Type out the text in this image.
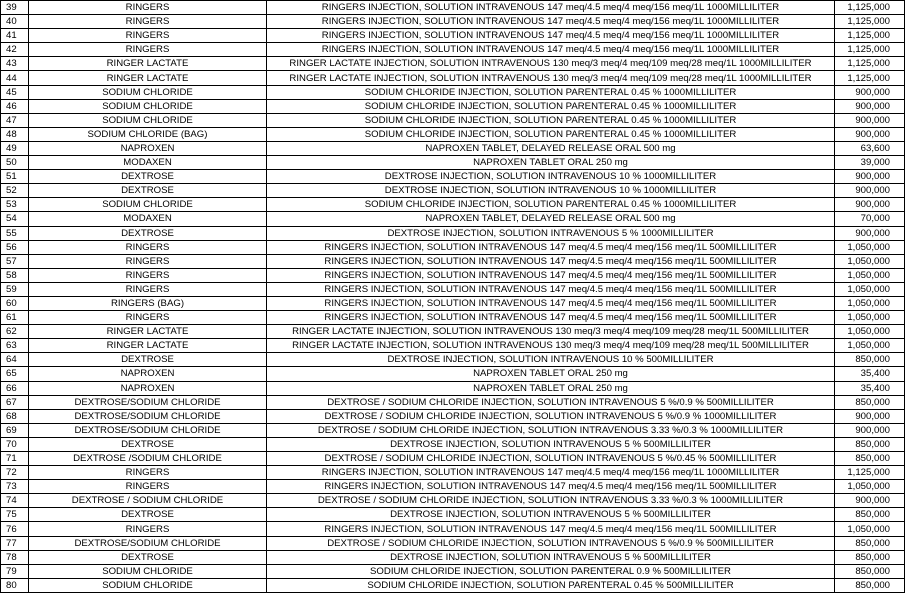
39	RINGERS	RINGERS INJECTION, SOLUTION INTRAVENOUS 147 meq/4.5 meq/4 meq/156 meq/1L 1000MILLILITER	1,125,000
40	RINGERS	RINGERS INJECTION, SOLUTION INTRAVENOUS 147 meq/4.5 meq/4 meq/156 meq/1L 1000MILLILITER	1,125,000
41	RINGERS	RINGERS INJECTION, SOLUTION INTRAVENOUS 147 meq/4.5 meq/4 meq/156 meq/1L 1000MILLILITER	1,125,000
42	RINGERS	RINGERS INJECTION, SOLUTION INTRAVENOUS 147 meq/4.5 meq/4 meq/156 meq/1L 1000MILLILITER	1,125,000
43	RINGER LACTATE	RINGER LACTATE INJECTION, SOLUTION INTRAVENOUS 130 meq/3 meq/4 meq/109 meq/28 meq/1L 1000MILLILITER	1,125,000
44	RINGER LACTATE	RINGER LACTATE INJECTION, SOLUTION INTRAVENOUS 130 meq/3 meq/4 meq/109 meq/28 meq/1L 1000MILLILITER	1,125,000
45	SODIUM CHLORIDE	SODIUM CHLORIDE INJECTION, SOLUTION PARENTERAL 0.45 % 1000MILLILITER	900,000
46	SODIUM CHLORIDE	SODIUM CHLORIDE INJECTION, SOLUTION PARENTERAL 0.45 % 1000MILLILITER	900,000
47	SODIUM CHLORIDE	SODIUM CHLORIDE INJECTION, SOLUTION PARENTERAL 0.45 % 1000MILLILITER	900,000
48	SODIUM CHLORIDE (BAG)	SODIUM CHLORIDE INJECTION, SOLUTION PARENTERAL 0.45 % 1000MILLILITER	900,000
49	NAPROXEN	NAPROXEN TABLET, DELAYED RELEASE ORAL 500 mg	63,600
50	MODAXEN	NAPROXEN TABLET ORAL 250 mg	39,000
51	DEXTROSE	DEXTROSE INJECTION, SOLUTION INTRAVENOUS 10 % 1000MILLILITER	900,000
52	DEXTROSE	DEXTROSE INJECTION, SOLUTION INTRAVENOUS 10 % 1000MILLILITER	900,000
53	SODIUM CHLORIDE	SODIUM CHLORIDE INJECTION, SOLUTION PARENTERAL 0.45 % 1000MILLILITER	900,000
54	MODAXEN	NAPROXEN TABLET, DELAYED RELEASE ORAL 500 mg	70,000
55	DEXTROSE	DEXTROSE INJECTION, SOLUTION INTRAVENOUS 5 % 1000MILLILITER	900,000
56	RINGERS	RINGERS INJECTION, SOLUTION INTRAVENOUS 147 meq/4.5 meq/4 meq/156 meq/1L 500MILLILITER	1,050,000
57	RINGERS	RINGERS INJECTION, SOLUTION INTRAVENOUS 147 meq/4.5 meq/4 meq/156 meq/1L 500MILLILITER	1,050,000
58	RINGERS	RINGERS INJECTION, SOLUTION INTRAVENOUS 147 meq/4.5 meq/4 meq/156 meq/1L 500MILLILITER	1,050,000
59	RINGERS	RINGERS INJECTION, SOLUTION INTRAVENOUS 147 meq/4.5 meq/4 meq/156 meq/1L 500MILLILITER	1,050,000
60	RINGERS (BAG)	RINGERS INJECTION, SOLUTION INTRAVENOUS 147 meq/4.5 meq/4 meq/156 meq/1L 500MILLILITER	1,050,000
61	RINGERS	RINGERS INJECTION, SOLUTION INTRAVENOUS 147 meq/4.5 meq/4 meq/156 meq/1L 500MILLILITER	1,050,000
62	RINGER LACTATE	RINGER LACTATE INJECTION, SOLUTION INTRAVENOUS 130 meq/3 meq/4 meq/109 meq/28 meq/1L 500MILLILITER	1,050,000
63	RINGER LACTATE	RINGER LACTATE INJECTION, SOLUTION INTRAVENOUS 130 meq/3 meq/4 meq/109 meq/28 meq/1L 500MILLILITER	1,050,000
64	DEXTROSE	DEXTROSE INJECTION, SOLUTION INTRAVENOUS 10 % 500MILLILITER	850,000
65	NAPROXEN	NAPROXEN TABLET ORAL 250 mg	35,400
66	NAPROXEN	NAPROXEN TABLET ORAL 250 mg	35,400
67	DEXTROSE/SODIUM CHLORIDE	DEXTROSE / SODIUM CHLORIDE INJECTION, SOLUTION INTRAVENOUS 5 %/0.9 % 500MILLILITER	850,000
68	DEXTROSE/SODIUM CHLORIDE	DEXTROSE / SODIUM CHLORIDE INJECTION, SOLUTION INTRAVENOUS 5 %/0.9 % 1000MILLILITER	900,000
69	DEXTROSE/SODIUM CHLORIDE	DEXTROSE / SODIUM CHLORIDE INJECTION, SOLUTION INTRAVENOUS 3.33 %/0.3 % 1000MILLILITER	900,000
70	DEXTROSE	DEXTROSE INJECTION, SOLUTION INTRAVENOUS 5 % 500MILLILITER	850,000
71	DEXTROSE /SODIUM CHLORIDE	DEXTROSE / SODIUM CHLORIDE INJECTION, SOLUTION INTRAVENOUS 5 %/0.45 % 500MILLILITER	850,000
72	RINGERS	RINGERS INJECTION, SOLUTION INTRAVENOUS 147 meq/4.5 meq/4 meq/156 meq/1L 1000MILLILITER	1,125,000
73	RINGERS	RINGERS INJECTION, SOLUTION INTRAVENOUS 147 meq/4.5 meq/4 meq/156 meq/1L 500MILLILITER	1,050,000
74	DEXTROSE / SODIUM CHLORIDE	DEXTROSE / SODIUM CHLORIDE INJECTION, SOLUTION INTRAVENOUS 3.33 %/0.3 % 1000MILLILITER	900,000
75	DEXTROSE	DEXTROSE INJECTION, SOLUTION INTRAVENOUS 5 % 500MILLILITER	850,000
76	RINGERS	RINGERS INJECTION, SOLUTION INTRAVENOUS 147 meq/4.5 meq/4 meq/156 meq/1L 500MILLILITER	1,050,000
77	DEXTROSE/SODIUM CHLORIDE	DEXTROSE / SODIUM CHLORIDE INJECTION, SOLUTION INTRAVENOUS 5 %/0.9 % 500MILLILITER	850,000
78	DEXTROSE	DEXTROSE INJECTION, SOLUTION INTRAVENOUS 5 % 500MILLILITER	850,000
79	SODIUM CHLORIDE	SODIUM CHLORIDE INJECTION, SOLUTION PARENTERAL 0.9 % 500MILLILITER	850,000
80	SODIUM CHLORIDE	SODIUM CHLORIDE INJECTION, SOLUTION PARENTERAL 0.45 % 500MILLILITER	850,000
